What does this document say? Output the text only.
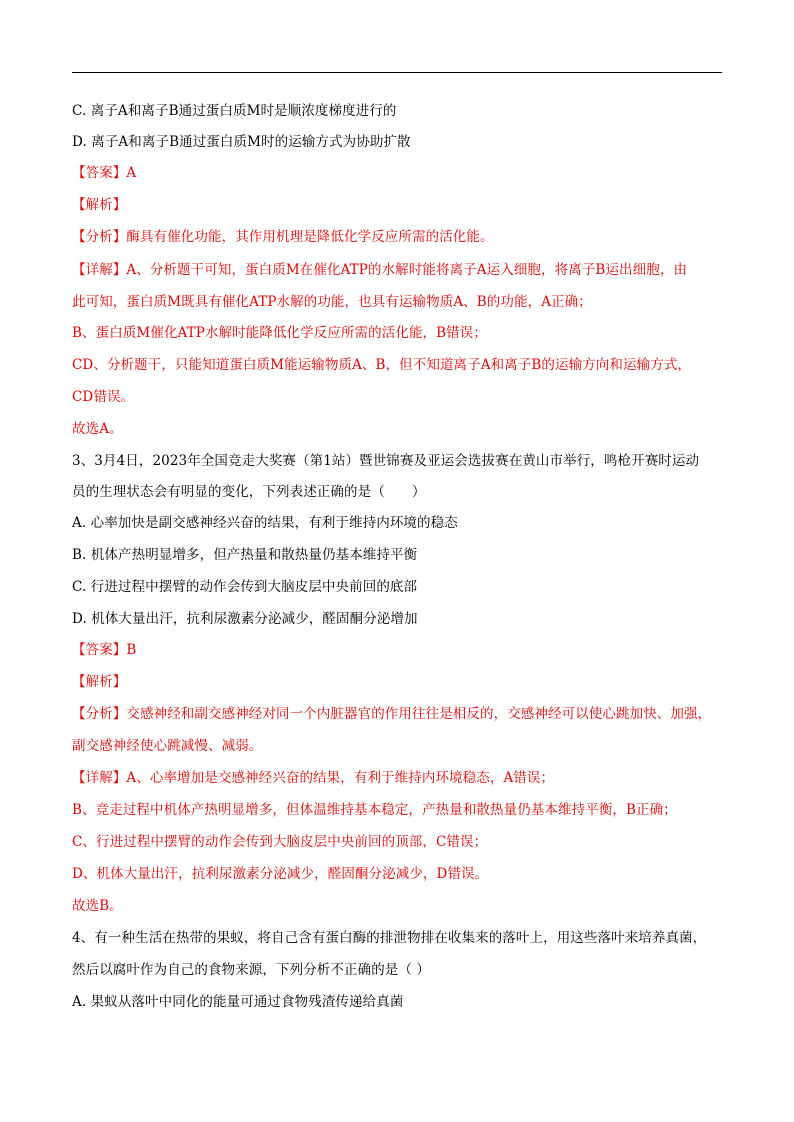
C. 离子A和离子B通过蛋白质M时是顺浓度梯度进行的
D. 离子A和离子B通过蛋白质M时的运输方式为协助扩散
【答案】A
【解析】
【分析】酶具有催化功能，其作用机理是降低化学反应所需的活化能。
【详解】A、分析题干可知，蛋白质M在催化ATP的水解时能将离子A运入细胞，将离子B运出细胞，由
此可知，蛋白质M既具有催化ATP水解的功能，也具有运输物质A、B的功能，A正确；
B、蛋白质M催化ATP水解时能降低化学反应所需的活化能，B错误；
CD、分析题干，只能知道蛋白质M能运输物质A、B，但不知道离子A和离子B的运输方向和运输方式，
CD错误。
故选A。
3、3月4日，2023年全国竞走大奖赛（第1站）暨世锦赛及亚运会选拔赛在黄山市举行，鸣枪开赛时运动
员的生理状态会有明显的变化，下列表述正确的是（　　）
A. 心率加快是副交感神经兴奋的结果，有利于维持内环境的稳态
B. 机体产热明显增多，但产热量和散热量仍基本维持平衡
C. 行进过程中摆臂的动作会传到大脑皮层中央前回的底部
D. 机体大量出汗，抗利尿激素分泌减少，醛固酮分泌增加
【答案】B
【解析】
【分析】交感神经和副交感神经对同一个内脏器官的作用往往是相反的，交感神经可以使心跳加快、加强，
副交感神经使心跳减慢、减弱。
【详解】A、心率增加是交感神经兴奋的结果，有利于维持内环境稳态，A错误；
B、竞走过程中机体产热明显增多，但体温维持基本稳定，产热量和散热量仍基本维持平衡，B正确；
C、行进过程中摆臂的动作会传到大脑皮层中央前回的顶部，C错误；
D、机体大量出汗，抗利尿激素分泌减少，醛固酮分泌减少，D错误。
故选B。
4、有一种生活在热带的果蚁，将自己含有蛋白酶的排泄物排在收集来的落叶上，用这些落叶来培养真菌，
然后以腐叶作为自己的食物来源，下列分析不正确的是（ ）
A. 果蚁从落叶中同化的能量可通过食物残渣传递给真菌
